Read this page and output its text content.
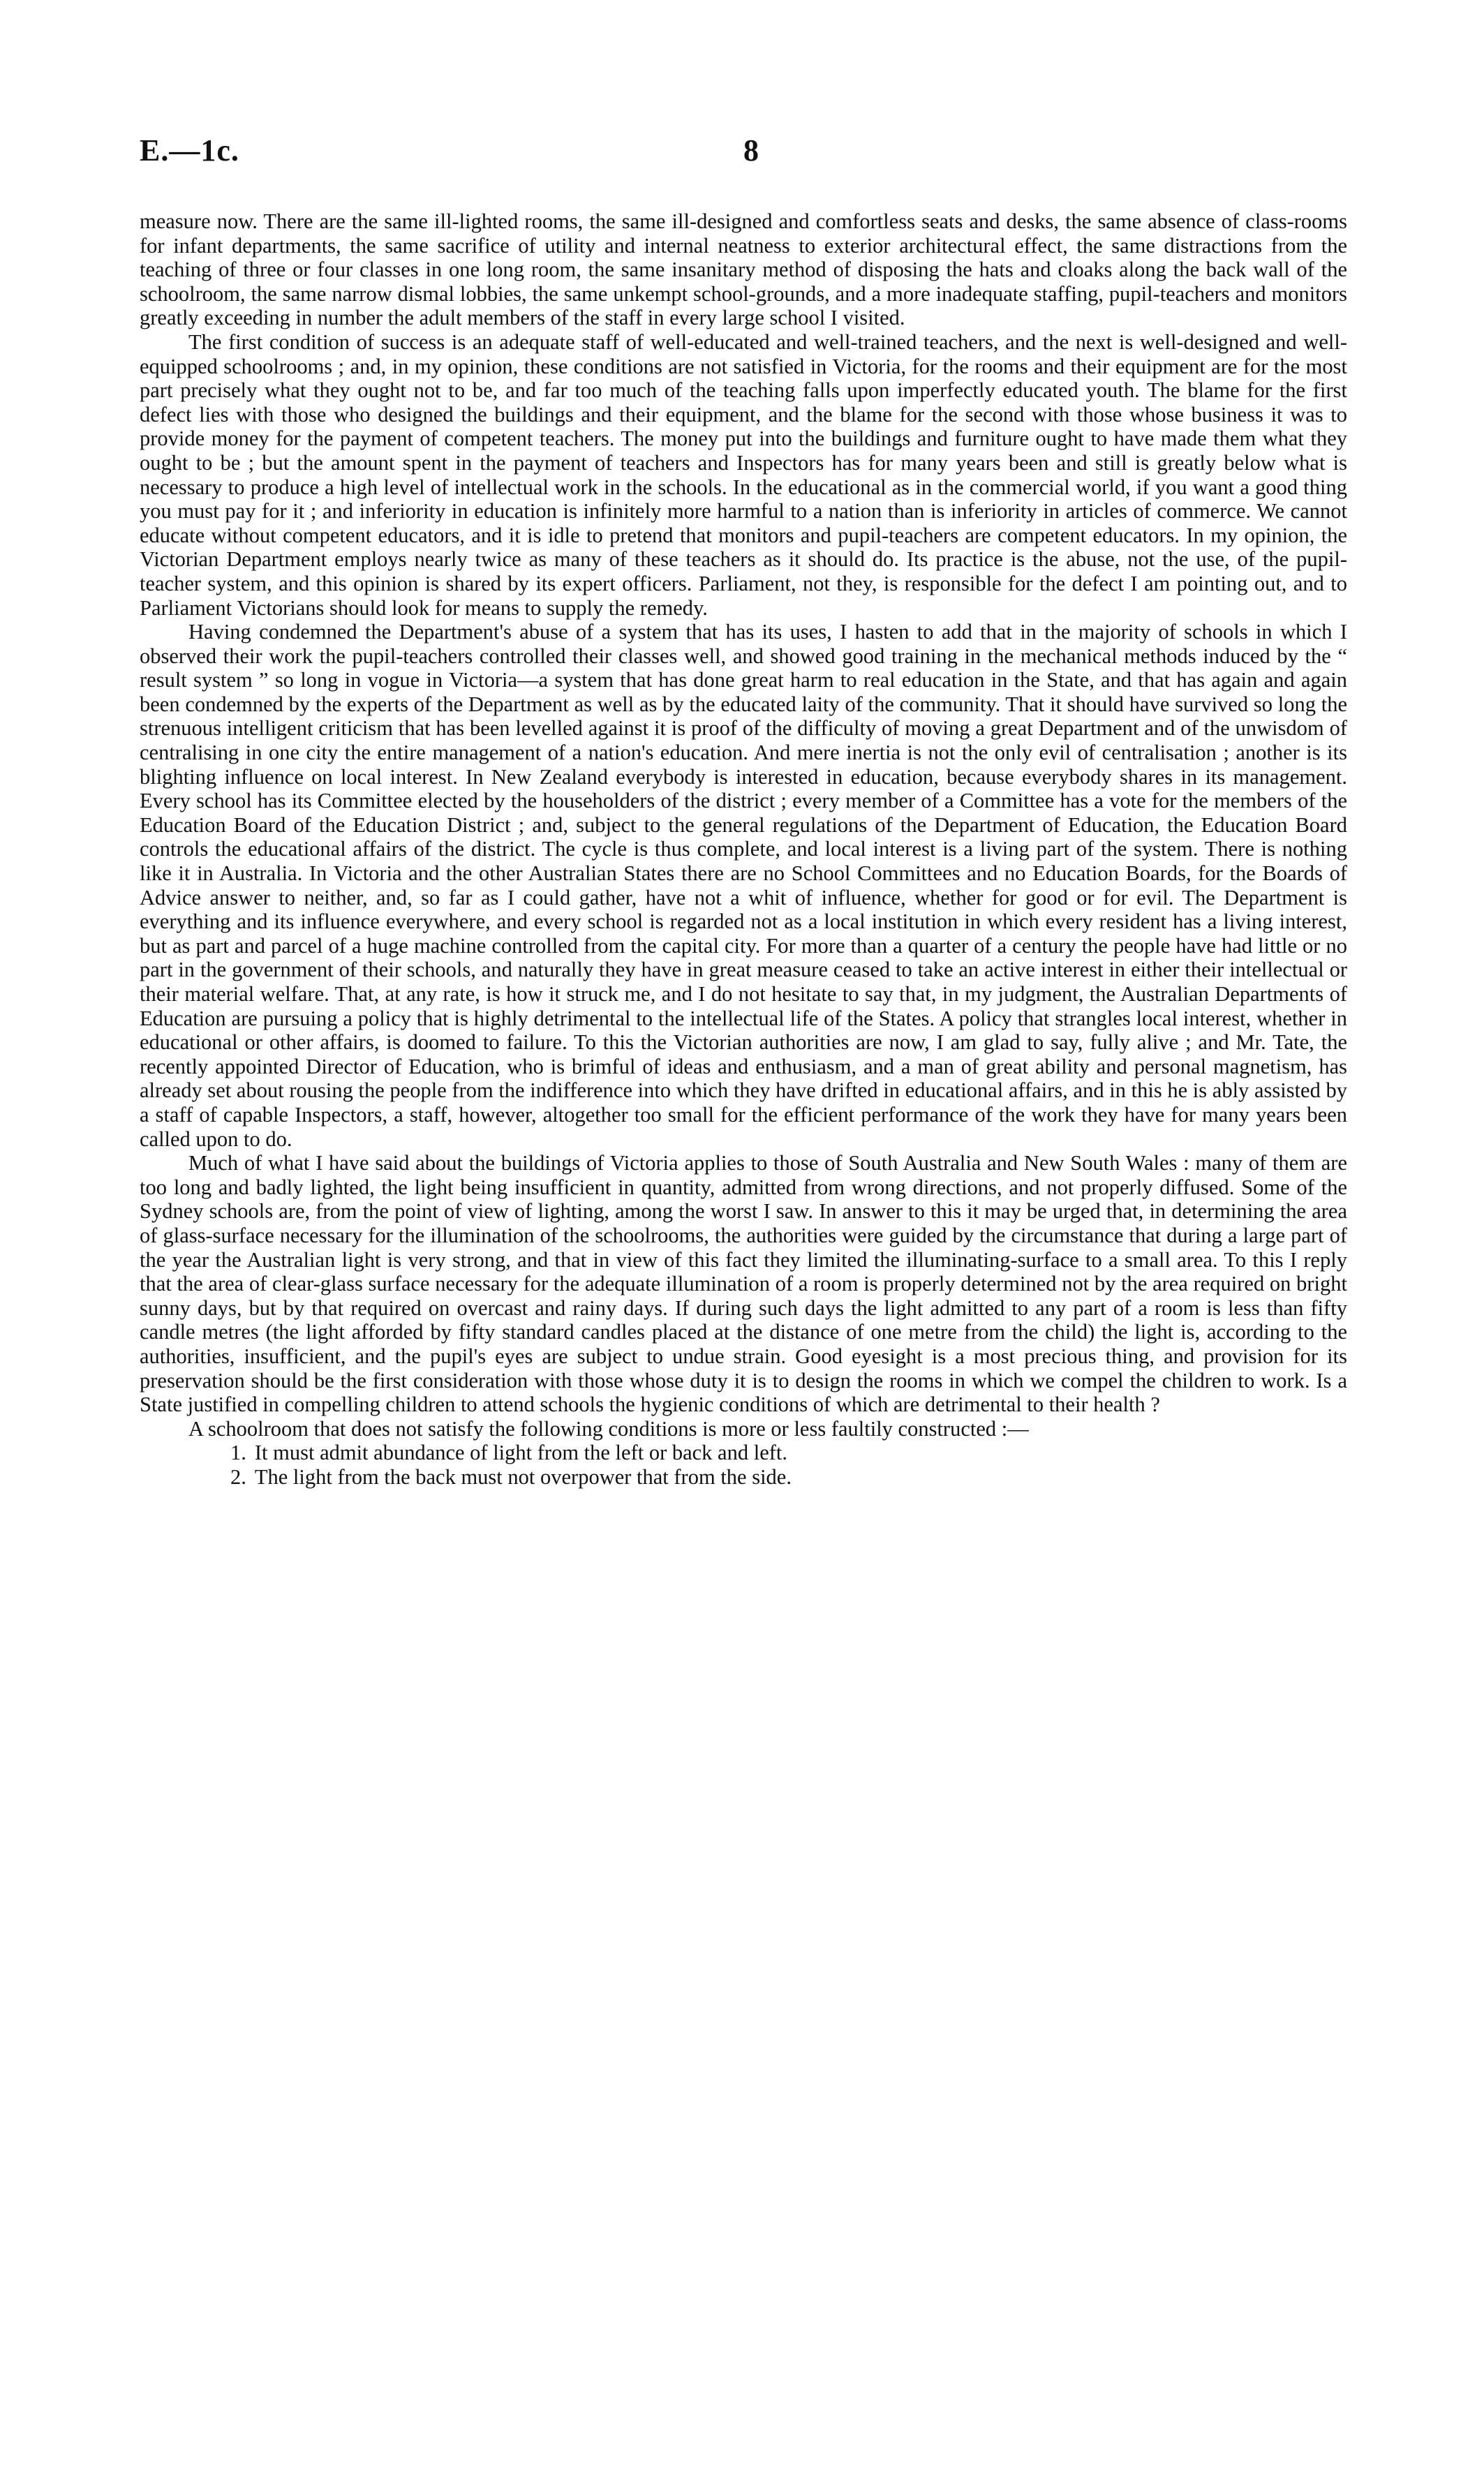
E.—1c.	8

measure now. There are the same ill-lighted rooms, the same ill-designed and comfortless seats and desks, the same absence of class-rooms for infant departments, the same sacrifice of utility and internal neatness to exterior architectural effect, the same distractions from the teaching of three or four classes in one long room, the same insanitary method of disposing the hats and cloaks along the back wall of the schoolroom, the same narrow dismal lobbies, the same unkempt school-grounds, and a more inadequate staffing, pupil-teachers and monitors greatly exceeding in number the adult members of the staff in every large school I visited.

The first condition of success is an adequate staff of well-educated and well-trained teachers, and the next is well-designed and well-equipped schoolrooms ; and, in my opinion, these conditions are not satisfied in Victoria, for the rooms and their equipment are for the most part precisely what they ought not to be, and far too much of the teaching falls upon imperfectly educated youth. The blame for the first defect lies with those who designed the buildings and their equipment, and the blame for the second with those whose business it was to provide money for the payment of competent teachers. The money put into the buildings and furniture ought to have made them what they ought to be ; but the amount spent in the payment of teachers and Inspectors has for many years been and still is greatly below what is necessary to produce a high level of intellectual work in the schools. In the educational as in the commercial world, if you want a good thing you must pay for it ; and inferiority in education is infinitely more harmful to a nation than is inferiority in articles of commerce. We cannot educate without competent educators, and it is idle to pretend that monitors and pupil-teachers are competent educators. In my opinion, the Victorian Department employs nearly twice as many of these teachers as it should do. Its practice is the abuse, not the use, of the pupil-teacher system, and this opinion is shared by its expert officers. Parliament, not they, is responsible for the defect I am pointing out, and to Parliament Victorians should look for means to supply the remedy.

Having condemned the Department's abuse of a system that has its uses, I hasten to add that in the majority of schools in which I observed their work the pupil-teachers controlled their classes well, and showed good training in the mechanical methods induced by the “ result system ” so long in vogue in Victoria—a system that has done great harm to real education in the State, and that has again and again been condemned by the experts of the Department as well as by the educated laity of the community. That it should have survived so long the strenuous intelligent criticism that has been levelled against it is proof of the difficulty of moving a great Department and of the unwisdom of centralising in one city the entire management of a nation's education. And mere inertia is not the only evil of centralisation ; another is its blighting influence on local interest. In New Zealand everybody is interested in education, because everybody shares in its management. Every school has its Committee elected by the householders of the district ; every member of a Committee has a vote for the members of the Education Board of the Education District ; and, subject to the general regulations of the Department of Education, the Education Board controls the educational affairs of the district. The cycle is thus complete, and local interest is a living part of the system. There is nothing like it in Australia. In Victoria and the other Australian States there are no School Committees and no Education Boards, for the Boards of Advice answer to neither, and, so far as I could gather, have not a whit of influence, whether for good or for evil. The Department is everything and its influence everywhere, and every school is regarded not as a local institution in which every resident has a living interest, but as part and parcel of a huge machine controlled from the capital city. For more than a quarter of a century the people have had little or no part in the government of their schools, and naturally they have in great measure ceased to take an active interest in either their intellectual or their material welfare. That, at any rate, is how it struck me, and I do not hesitate to say that, in my judgment, the Australian Departments of Education are pursuing a policy that is highly detrimental to the intellectual life of the States. A policy that strangles local interest, whether in educational or other affairs, is doomed to failure. To this the Victorian authorities are now, I am glad to say, fully alive ; and Mr. Tate, the recently appointed Director of Education, who is brimful of ideas and enthusiasm, and a man of great ability and personal magnetism, has already set about rousing the people from the indifference into which they have drifted in educational affairs, and in this he is ably assisted by a staff of capable Inspectors, a staff, however, altogether too small for the efficient performance of the work they have for many years been called upon to do.

Much of what I have said about the buildings of Victoria applies to those of South Australia and New South Wales : many of them are too long and badly lighted, the light being insufficient in quantity, admitted from wrong directions, and not properly diffused. Some of the Sydney schools are, from the point of view of lighting, among the worst I saw. In answer to this it may be urged that, in determining the area of glass-surface necessary for the illumination of the schoolrooms, the authorities were guided by the circumstance that during a large part of the year the Australian light is very strong, and that in view of this fact they limited the illuminating-surface to a small area. To this I reply that the area of clear-glass surface necessary for the adequate illumination of a room is properly determined not by the area required on bright sunny days, but by that required on overcast and rainy days. If during such days the light admitted to any part of a room is less than fifty candle metres (the light afforded by fifty standard candles placed at the distance of one metre from the child) the light is, according to the authorities, insufficient, and the pupil's eyes are subject to undue strain. Good eyesight is a most precious thing, and provision for its preservation should be the first consideration with those whose duty it is to design the rooms in which we compel the children to work. Is a State justified in compelling children to attend schools the hygienic conditions of which are detrimental to their health ?

A schoolroom that does not satisfy the following conditions is more or less faultily constructed :—

1. It must admit abundance of light from the left or back and left.
2. The light from the back must not overpower that from the side.
